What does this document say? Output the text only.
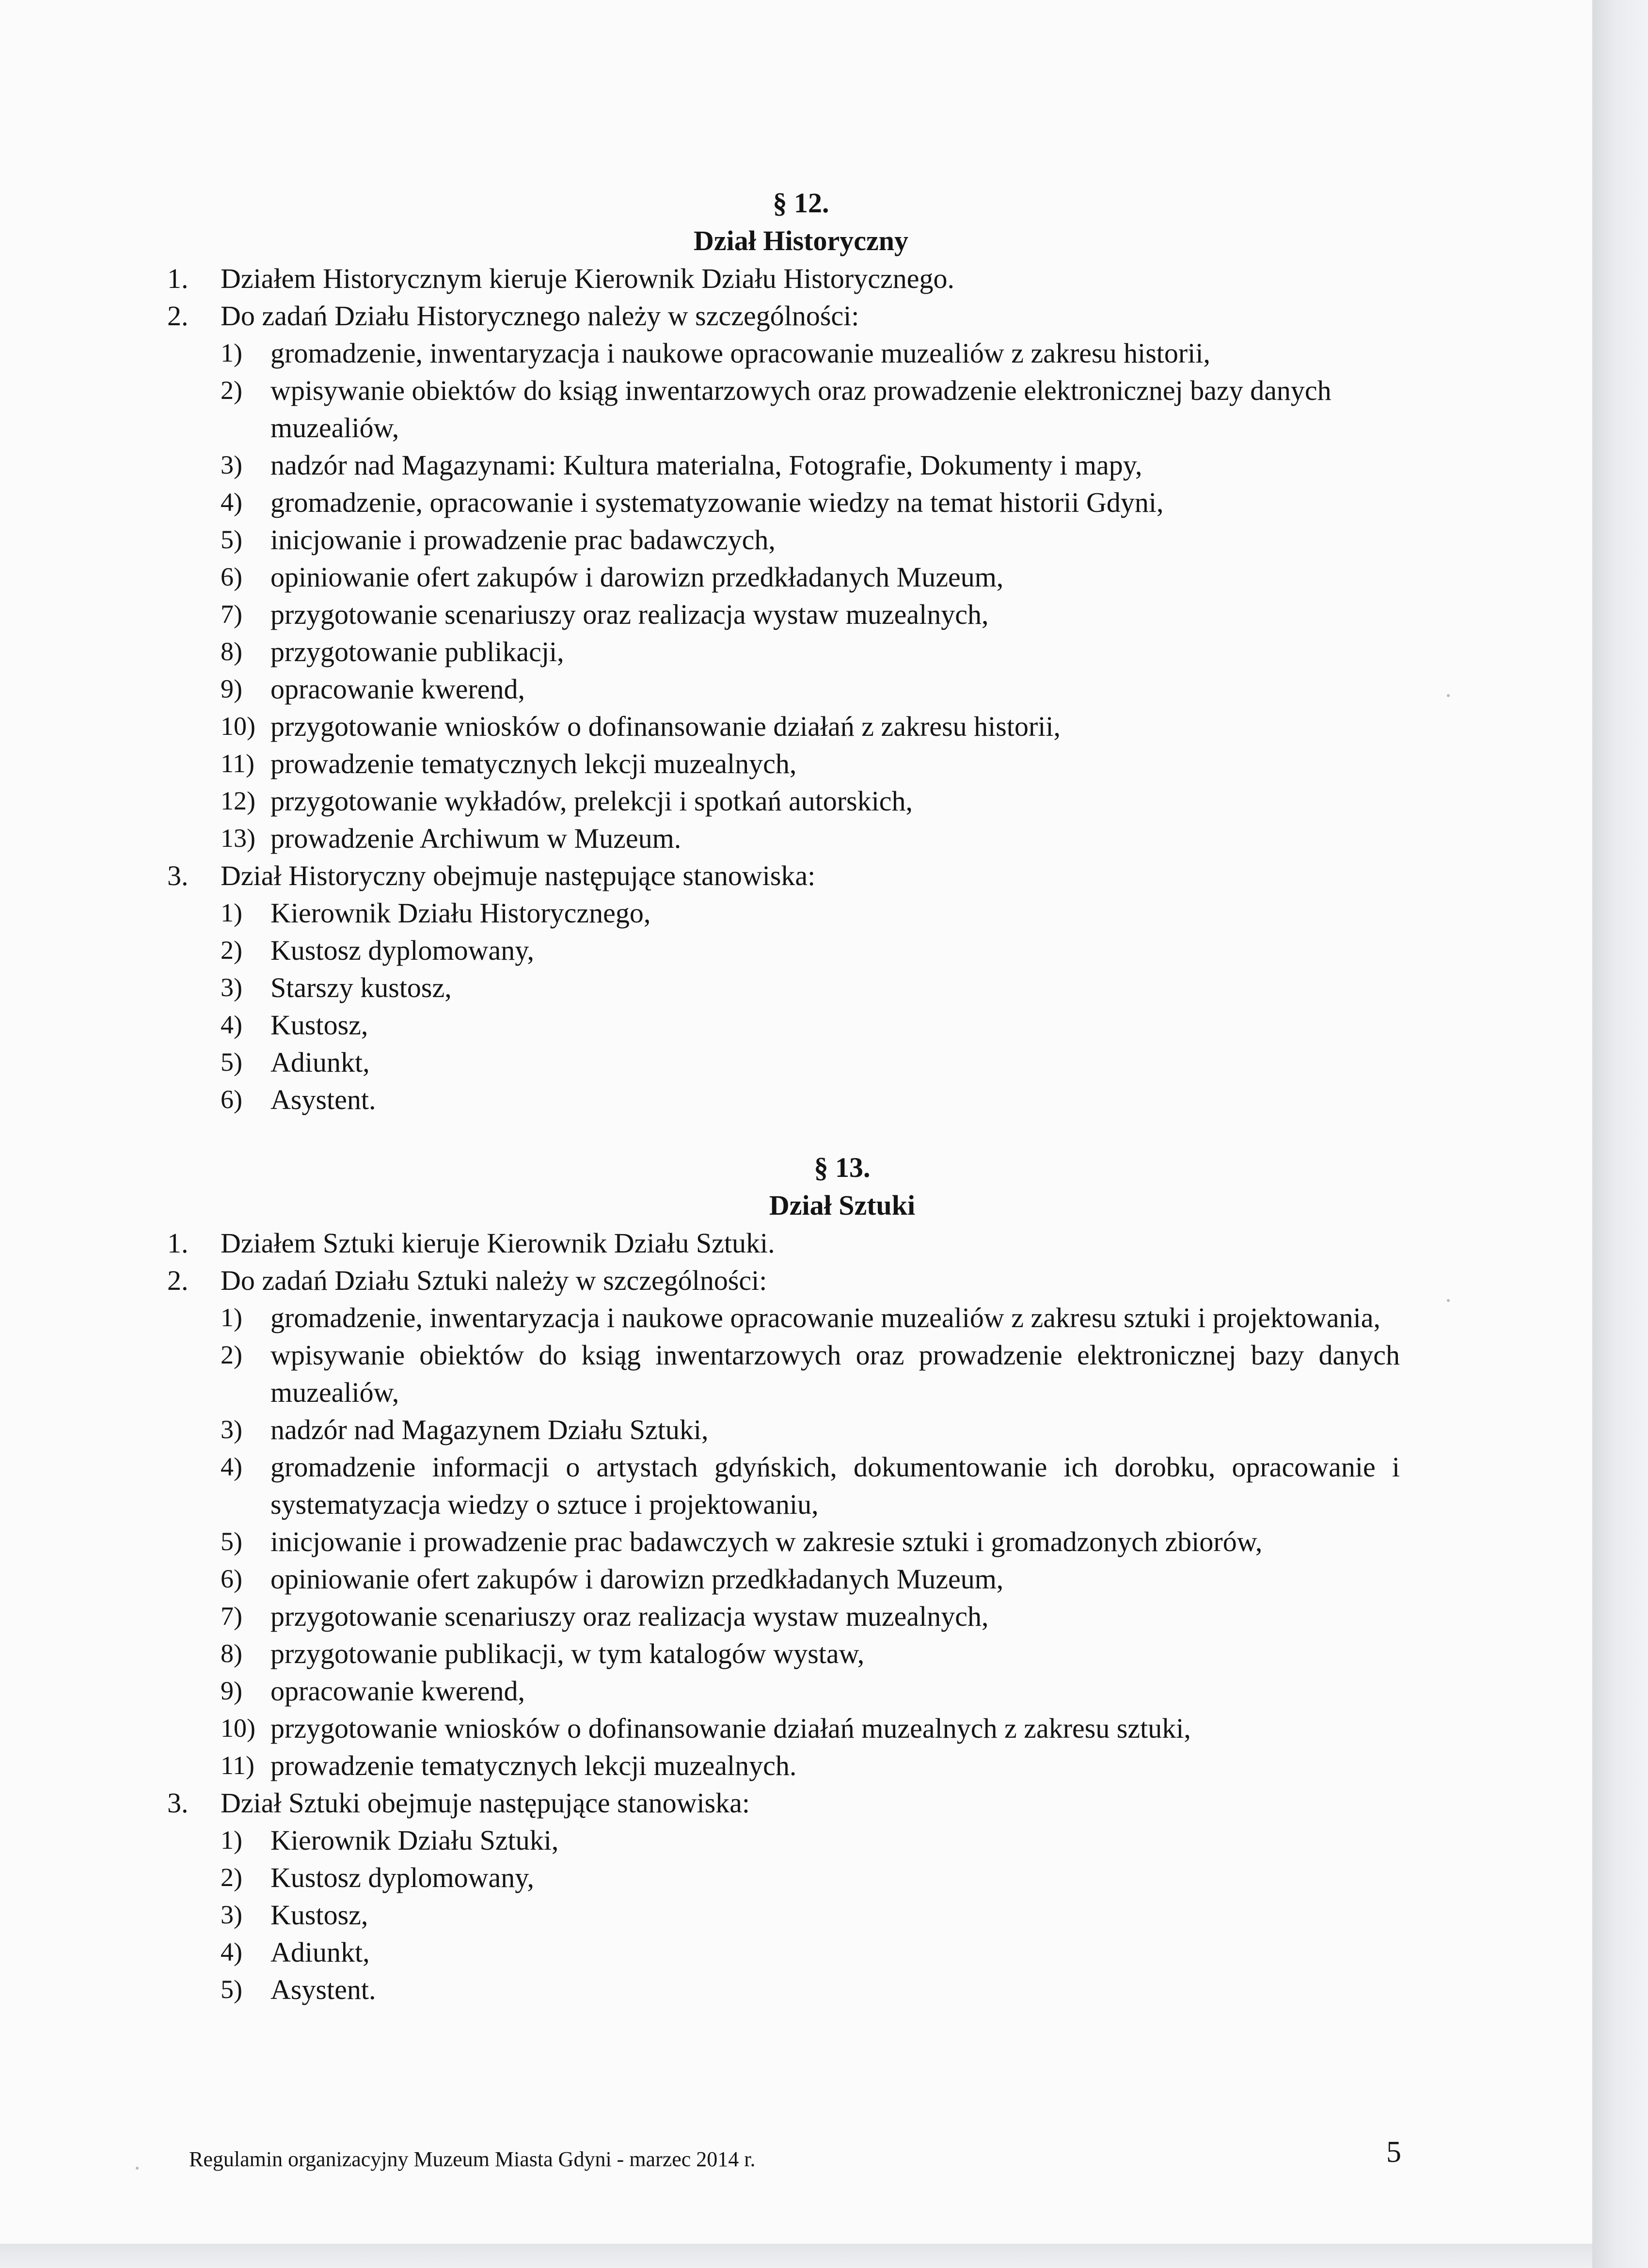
§ 12.

Dział Historyczny

1.	Działem Historycznym kieruje Kierownik Działu Historycznego.
2.	Do zadań Działu Historycznego należy w szczególności:
1)	gromadzenie, inwentaryzacja i naukowe opracowanie muzealiów z zakresu historii,
2)	wpisywanie obiektów do ksiąg inwentarzowych oraz prowadzenie elektronicznej bazy danych muzealiów,
3)	nadzór nad Magazynami: Kultura materialna, Fotografie, Dokumenty i mapy,
4)	gromadzenie, opracowanie i systematyzowanie wiedzy na temat historii Gdyni,
5)	inicjowanie i prowadzenie prac badawczych,
6)	opiniowanie ofert zakupów i darowizn przedkładanych Muzeum,
7)	przygotowanie scenariuszy oraz realizacja wystaw muzealnych,
8)	przygotowanie publikacji,
9)	opracowanie kwerend,
10) przygotowanie wniosków o dofinansowanie działań z zakresu historii,
11) prowadzenie tematycznych lekcji muzealnych,
12) przygotowanie wykładów, prelekcji i spotkań autorskich,
13) prowadzenie Archiwum w Muzeum.
3.	Dział Historyczny obejmuje następujące stanowiska:
1)	Kierownik Działu Historycznego,
2)	Kustosz dyplomowany,
3)	Starszy kustosz,
4)	Kustosz,
5)	Adiunkt,
6)	Asystent.

§ 13.

Dział Sztuki

1.	Działem Sztuki kieruje Kierownik Działu Sztuki.
2.	Do zadań Działu Sztuki należy w szczególności:
1)	gromadzenie, inwentaryzacja i naukowe opracowanie muzealiów z zakresu sztuki i projektowania,
2)	wpisywanie obiektów do ksiąg inwentarzowych oraz prowadzenie elektronicznej bazy danych muzealiów,
3)	nadzór nad Magazynem Działu Sztuki,
4)	gromadzenie informacji o artystach gdyńskich, dokumentowanie ich dorobku, opracowanie i systematyzacja wiedzy o sztuce i projektowaniu,
5)	inicjowanie i prowadzenie prac badawczych w zakresie sztuki i gromadzonych zbiorów,
6)	opiniowanie ofert zakupów i darowizn przedkładanych Muzeum,
7)	przygotowanie scenariuszy oraz realizacja wystaw muzealnych,
8)	przygotowanie publikacji, w tym katalogów wystaw,
9)	opracowanie kwerend,
10) przygotowanie wniosków o dofinansowanie działań muzealnych z zakresu sztuki,
11) prowadzenie tematycznych lekcji muzealnych.
3.	Dział Sztuki obejmuje następujące stanowiska:
1)	Kierownik Działu Sztuki,
2)	Kustosz dyplomowany,
3)	Kustosz,
4)	Adiunkt,
5)	Asystent.
Regulamin organizacyjny Muzeum Miasta Gdyni - marzec 2014 r.	5
